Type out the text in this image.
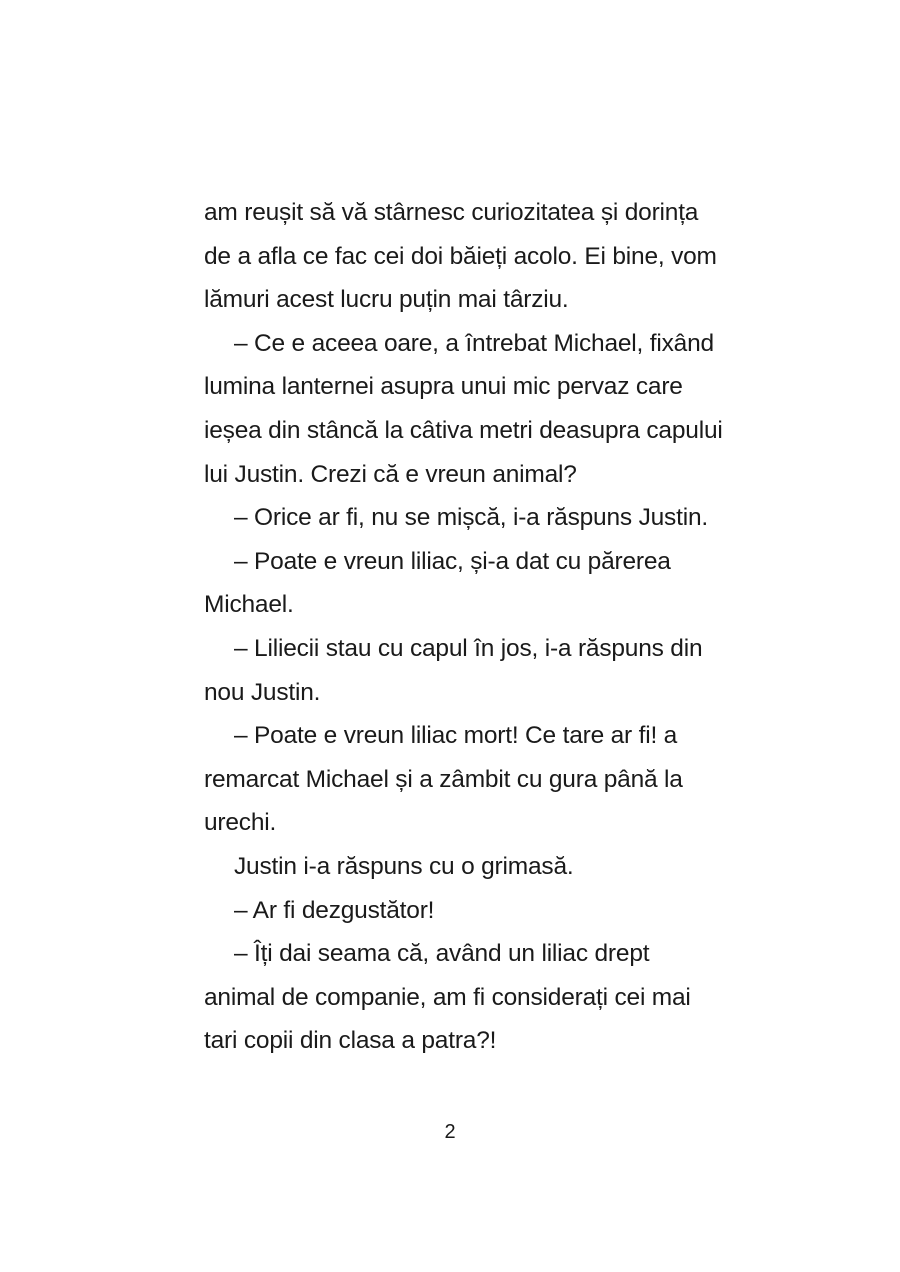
am reușit să vă stârnesc curiozitatea și dorința
de a afla ce fac cei doi băieți acolo. Ei bine, vom
lămuri acest lucru puțin mai târziu.
– Ce e aceea oare, a întrebat Michael, fixând
lumina lanternei asupra unui mic pervaz care
ieșea din stâncă la câtiva metri deasupra capului
lui Justin. Crezi că e vreun animal?
– Orice ar fi, nu se mișcă, i-a răspuns Justin.
– Poate e vreun liliac, și-a dat cu părerea
Michael.
– Liliecii stau cu capul în jos, i-a răspuns din
nou Justin.
– Poate e vreun liliac mort! Ce tare ar fi! a
remarcat Michael și a zâmbit cu gura până la
urechi.
Justin i-a răspuns cu o grimasă.
– Ar fi dezgustător!
– Îți dai seama că, având un liliac drept
animal de companie, am fi considerați cei mai
tari copii din clasa a patra?!
2
